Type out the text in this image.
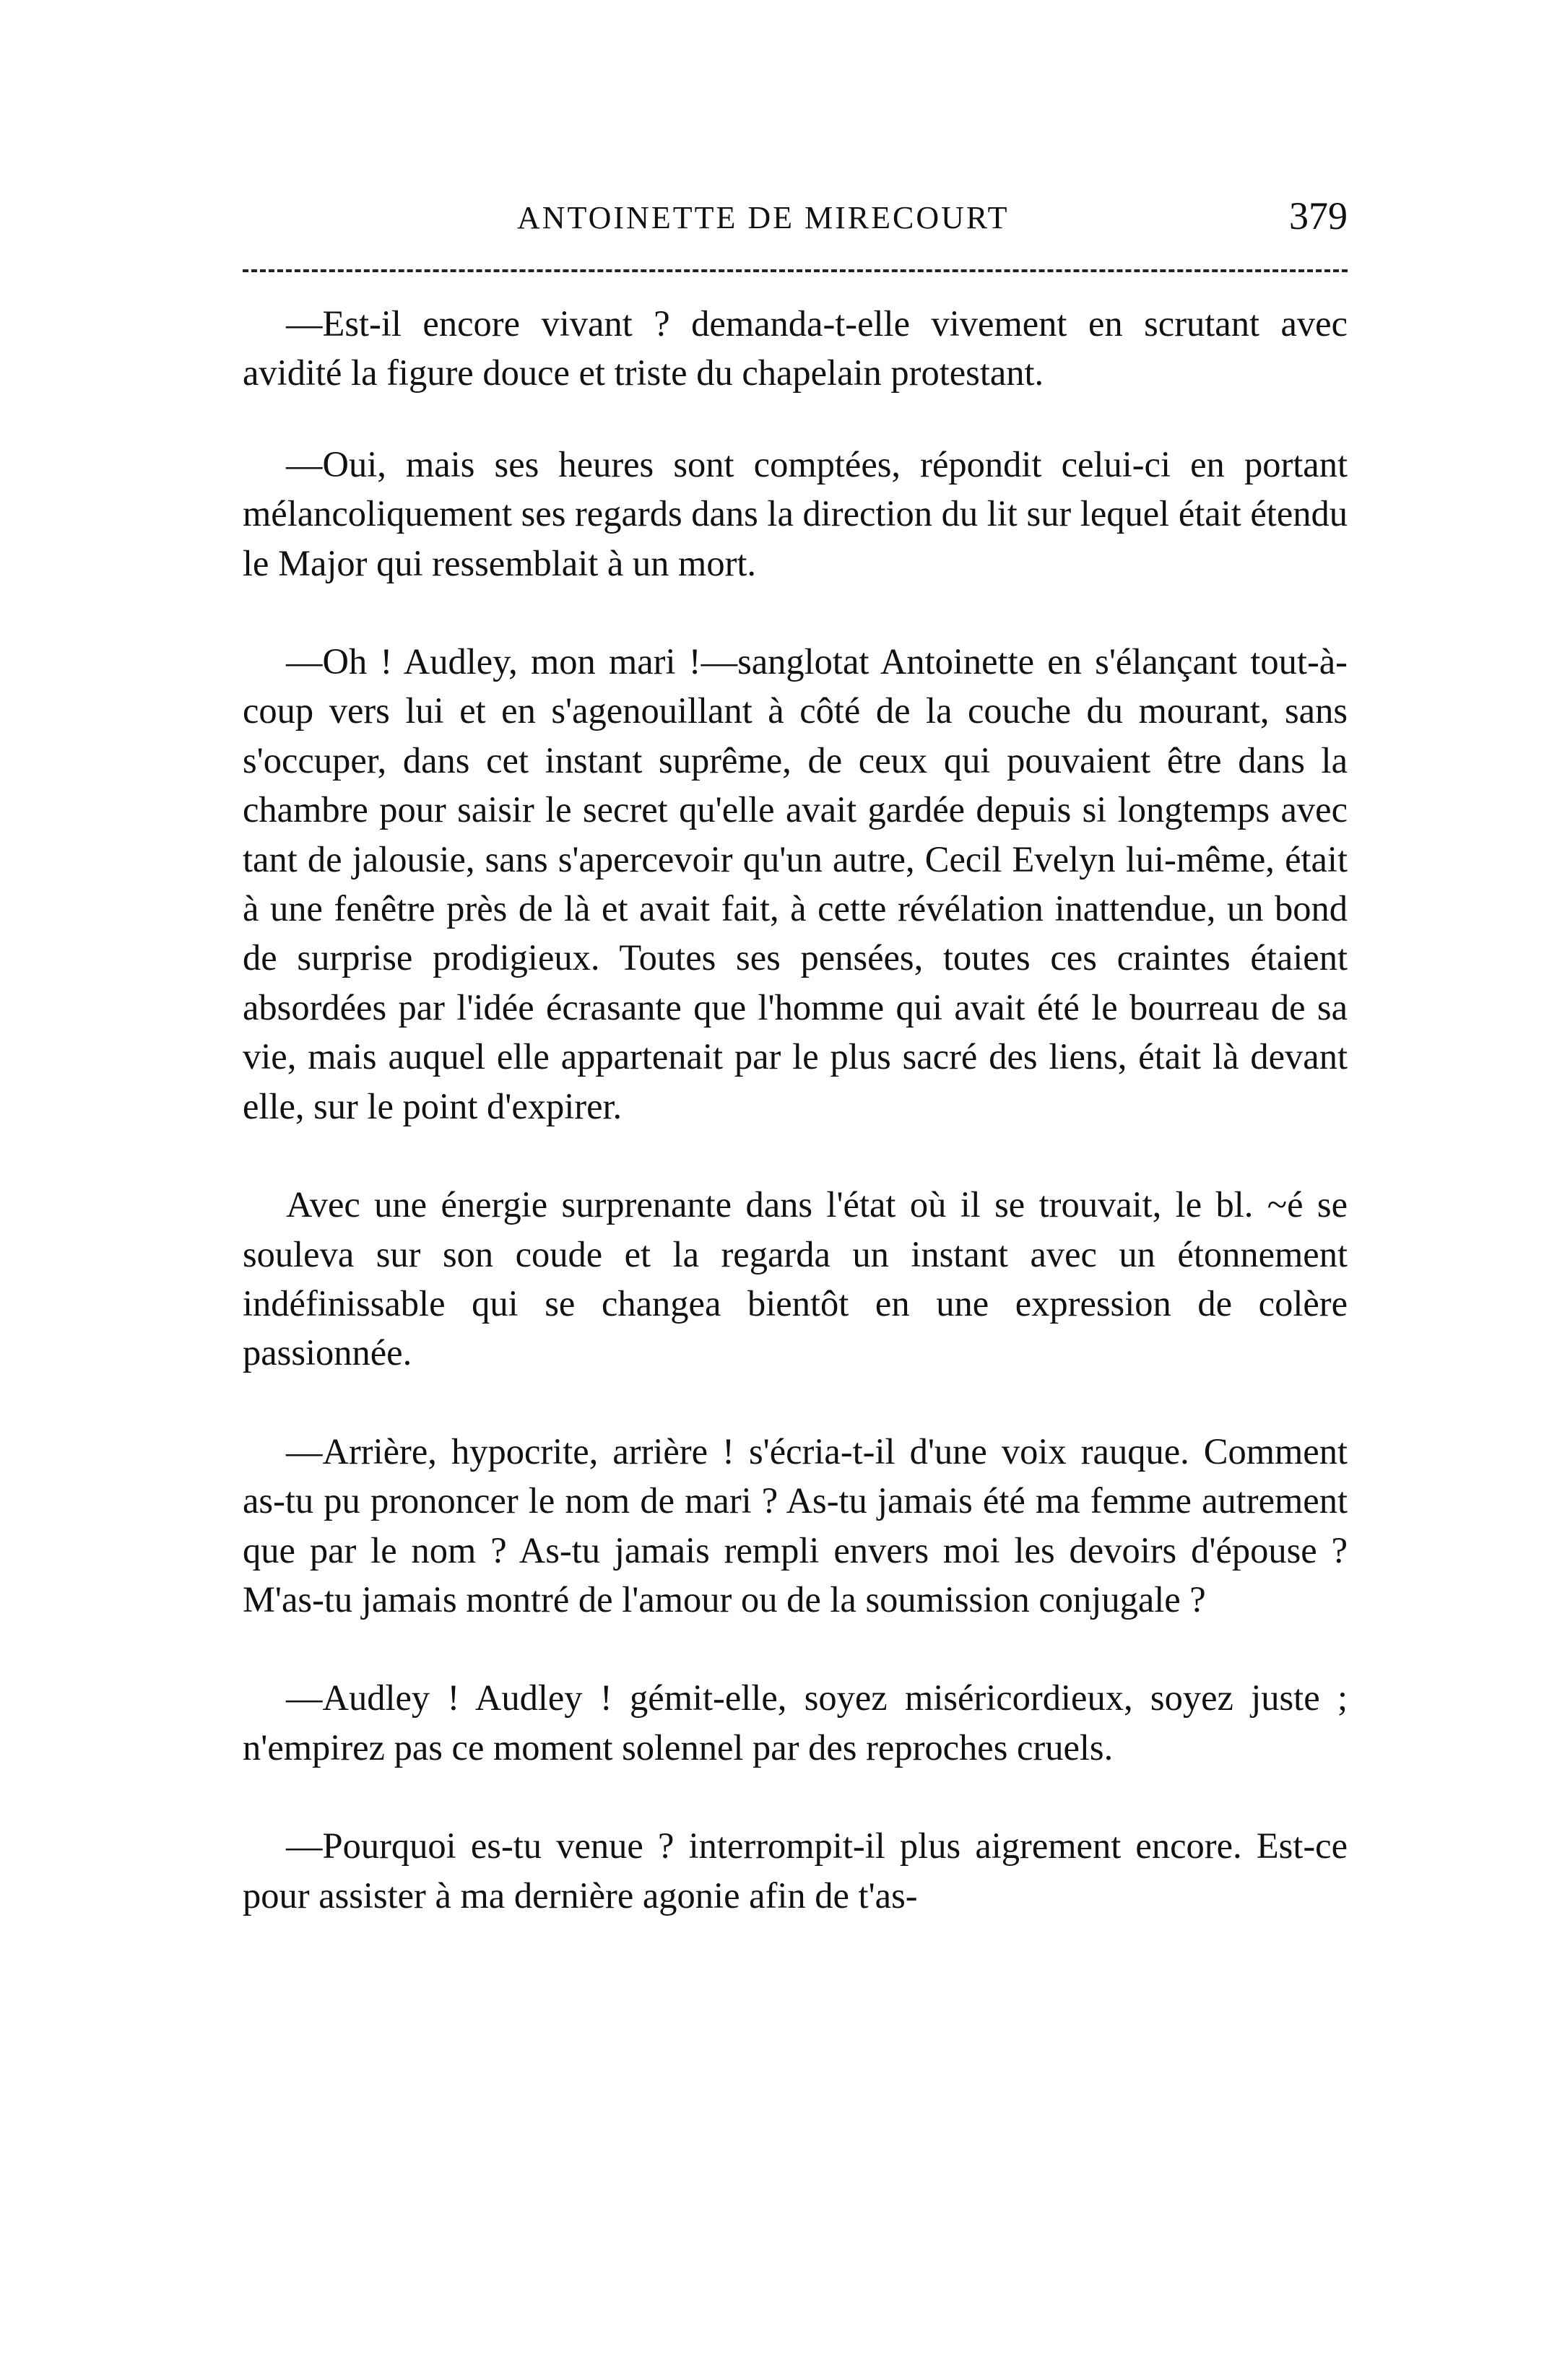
ANTOINETTE DE MIRECOURT	379

—Est-il encore vivant ? demanda-t-elle vivement en scrutant avec avidité la figure douce et triste du chapelain protestant.

—Oui, mais ses heures sont comptées, répondit celui-ci en portant mélancoliquement ses regards dans la direction du lit sur lequel était étendu le Major qui ressemblait à un mort.

—Oh ! Audley, mon mari !—sanglotat Antoinette en s'élançant tout-à-coup vers lui et en s'agenouillant à côté de la couche du mourant, sans s'occuper, dans cet instant suprême, de ceux qui pouvaient être dans la chambre pour saisir le secret qu'elle avait gardée depuis si longtemps avec tant de jalousie, sans s'apercevoir qu'un autre, Cecil Evelyn lui-même, était à une fenêtre près de là et avait fait, à cette révélation inattendue, un bond de surprise prodigieux. Toutes ses pensées, toutes ces craintes étaient absordées par l'idée écrasante que l'homme qui avait été le bourreau de sa vie, mais auquel elle appartenait par le plus sacré des liens, était là devant elle, sur le point d'expirer.

Avec une énergie surprenante dans l'état où il se trouvait, le bl. ~é se souleva sur son coude et la regarda un instant avec un étonnement indéfinissable qui se changea bientôt en une expression de colère passionnée.

—Arrière, hypocrite, arrière ! s'écria-t-il d'une voix rauque. Comment as-tu pu prononcer le nom de mari ? As-tu jamais été ma femme autrement que par le nom ? As-tu jamais rempli envers moi les devoirs d'épouse ? M'as-tu jamais montré de l'amour ou de la soumission conjugale ?

—Audley ! Audley ! gémit-elle, soyez miséricordieux, soyez juste ; n'empirez pas ce moment solennel par des reproches cruels.

—Pourquoi es-tu venue ? interrompit-il plus aigrement encore. Est-ce pour assister à ma dernière agonie afin de t'as-
